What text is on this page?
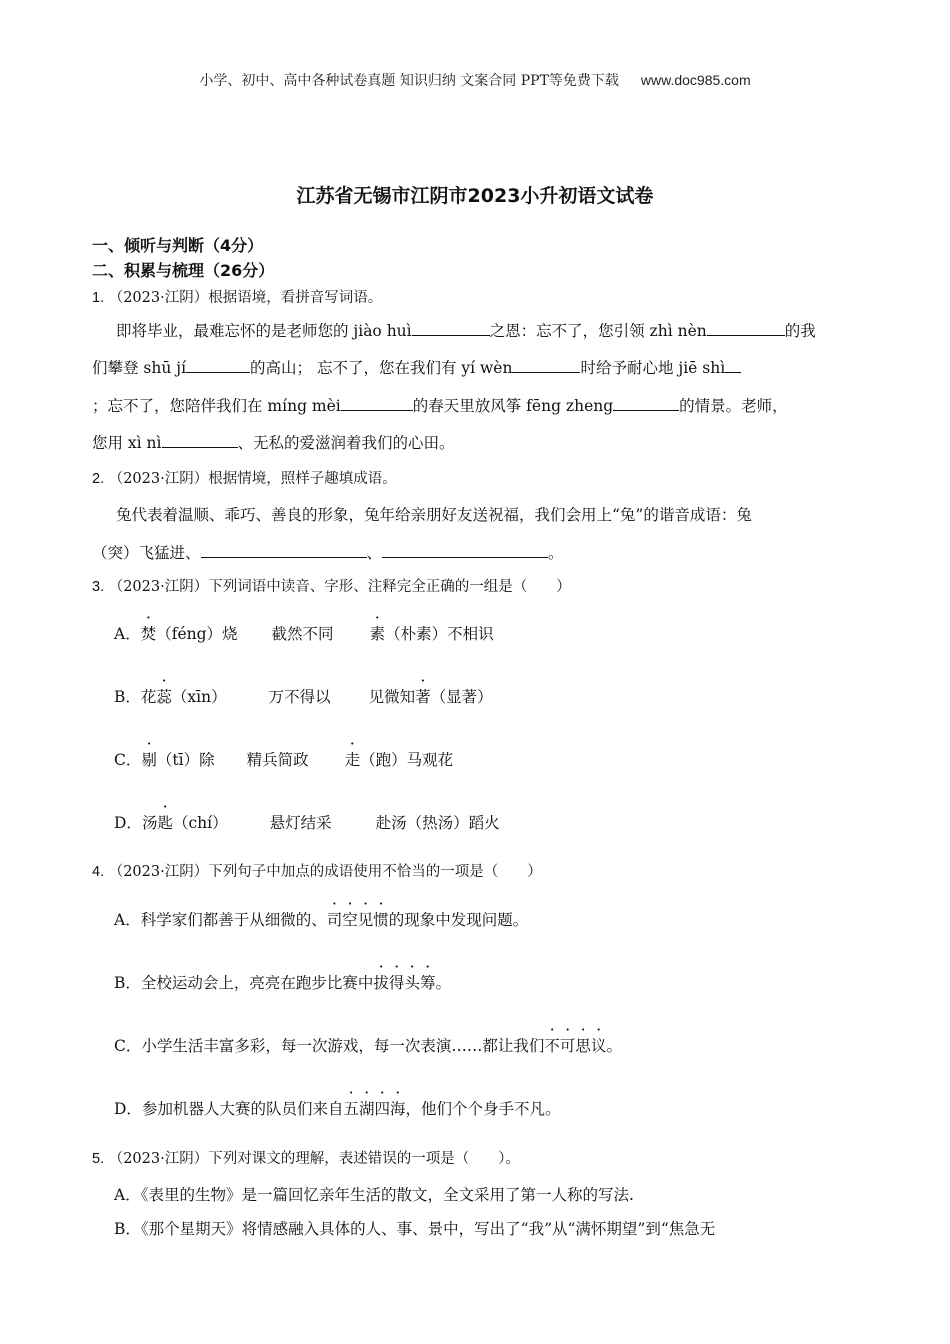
小学、初中、高中各种试卷真题 知识归纳 文案合同 PPT等免费下载 www.doc985.com
江苏省无锡市江阴市2023小升初语文试卷
一、倾听与判断（4分）
二、积累与梳理（26分）
1. （2023·江阴）根据语境，看拼音写词语。
即将毕业，最难忘怀的是老师您的 jiào huì	之恩：忘不了，您引领 zhì nèn	的我
们攀登 shū jí	的高山； 忘不了，您在我们有 yí wèn	时给予耐心地 jiē shì
；忘不了，您陪伴我们在 míng mèi	的春天里放风筝 fēng zheng	的情景。老师，
您用 xì nì	、无私的爱滋润着我们的心田。
2. （2023·江阴）根据情境，照样子趣填成语。
兔代表着温顺、乖巧、善良的形象，兔年给亲朋好友送祝福，我们会用上“兔”的谐音成语：兔
（突）飞猛进、	、	。
3. （2023·江阴）下列词语中读音、字形、注释完全正确的一组是（　　）
A．焚（féng）烧 截然不同 素（朴素）不相识
B．花蕊（xīn）	万不得以 见微知著（显著）
C．剔（tī）除 精兵简政 走（跑）马观花
D．汤匙（chí）	悬灯结采	赴汤（热汤）蹈火
4. （2023·江阴）下列句子中加点的成语使用不恰当的一项是（　　）
A．科学家们都善于从细微的、司空见惯的现象中发现问题。
B．全校运动会上，亮亮在跑步比赛中拔得头筹。
C．小学生活丰富多彩，每一次游戏，每一次表演……都让我们不可思议。
D．参加机器人大赛的队员们来自五湖四海，他们个个身手不凡。
5. （2023·江阴）下列对课文的理解，表述错误的一项是（　　）。
A．《表里的生物》是一篇回忆亲年生活的散文，全文采用了第一人称的写法.
B．《那个星期天》将情感融入具体的人、事、景中，写出了“我”从“满怀期望”到“焦急无
